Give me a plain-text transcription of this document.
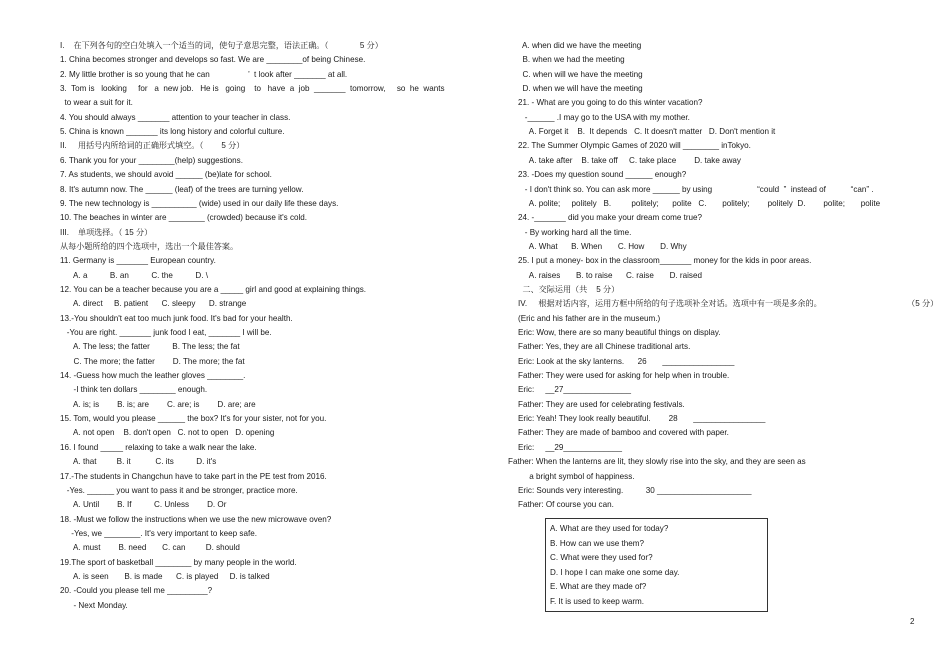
I.    在下列各句的空白处填入一个适当的词，使句子意思完整，语法正确。（              5 分）
1. China becomes stronger and develops so fast. We are ________of being Chinese.
2. My little brother is so young that he can                 ’  t look after _______ at all.
3.  Tom is   looking     for   a  new job.   He is   going    to   have  a  job  _______  tomorrow,     so  he  wants
to wear a suit for it.
4. You should always _______ attention to your teacher in class.
5. China is known _______ its long history and colorful culture.
II.     用括号内所给词的正确形式填空。（        5 分）
6. Thank you for your ________(help) suggestions.
7. As students, we should avoid ______ (be)late for school.
8. It's autumn now. The ______ (leaf) of the trees are turning yellow.
9. The new technology is __________ (wide) used in our daily life these days.
10. The beaches in winter are ________ (crowded) because it's cold.
III.    单项选择。（ 15 分）
从每小题所给的四个选项中，选出一个最佳答案。
11. Germany is _______ European country.
A. a          B. an          C. the          D. \
12. You can be a teacher because you are a _____ girl and good at explaining things.
A. direct     B. patient      C. sleepy      D. strange
13.-You shouldn't eat too much junk food. It's bad for your health.
-You are right. _______ junk food I eat, _______ I will be.
A. The less; the fatter          B. The less; the fat
C. The more; the fatter        D. The more; the fat
14. -Guess how much the leather gloves ________.
-I think ten dollars ________ enough.
A. is; is        B. is; are        C. are; is        D. are; are
15. Tom, would you please ______ the box? It's for your sister, not for you.
A. not open    B. don't open   C. not to open   D. opening
16. I found _____ relaxing to take a walk near the lake.
A. that         B. it           C. its          D. it's
17.-The students in Changchun have to take part in the PE test from 2016.
-Yes. ______ you want to pass it and be stronger, practice more.
A. Until        B. If          C. Unless        D. Or
18. -Must we follow the instructions when we use the new microwave oven?
-Yes, we ________. It's very important to keep safe.
A. must        B. need       C. can         D. should
19.The sport of basketball ________ by many people in the world.
A. is seen       B. is made      C. is played     D. is talked
20. -Could you please tell me _________?
- Next Monday.
A. when did we have the meeting
B. when we had the meeting
C. when will we have the meeting
D. when we will have the meeting
21. - What are you going to do this winter vacation?
-______ .I may go to the USA with my mother.
A. Forget it    B.  It depends   C. It doesn't matter   D. Don't mention it
22. The Summer Olympic Games of 2020 will ________ inTokyo.
A. take after    B. take off     C. take place        D. take away
23. -Does my question sound ______ enough?
- I don't think so. You can ask more ______ by using                    “could  ”  instead of           “can” .
A. polite;     politely   B.         politely;      polite   C.       politely;        politely  D.        polite;       polite
24. -_______ did you make your dream come true?
- By working hard all the time.
A. What      B. When       C. How       D. Why
25. I put a money- box in the classroom_______ money for the kids in poor areas.
A. raises       B. to raise      C. raise       D. raised
二、交际运用（共    5 分）
IV.     根据对话内容，运用方框中所给的句子选项补全对话。选项中有一项是多余的。                                      （5 分）
(Eric and his father are in the museum.)
Eric: Wow, there are so many beautiful things on display.
Father: Yes, they are all Chinese traditional arts.
Eric: Look at the sky lanterns.      26       ________________
Father: They were used for asking for help when in trouble.
Eric:     __27_______________
Father: They are used for celebrating festivals.
Eric: Yeah! They look really beautiful.        28       ________________
Father: They are made of bamboo and covered with paper.
Eric:     __29_____________
Father: When the lanterns are lit, they slowly rise into the sky, and they are seen as
a bright symbol of happiness.
Eric: Sounds very interesting.          30 _____________________
Father: Of course you can.
A. What are they used for today?
B. How can we use them?
C. What were they used for?
D. I hope I can make one some day.
E. What are they made of?
F. It is used to keep warm.
2
